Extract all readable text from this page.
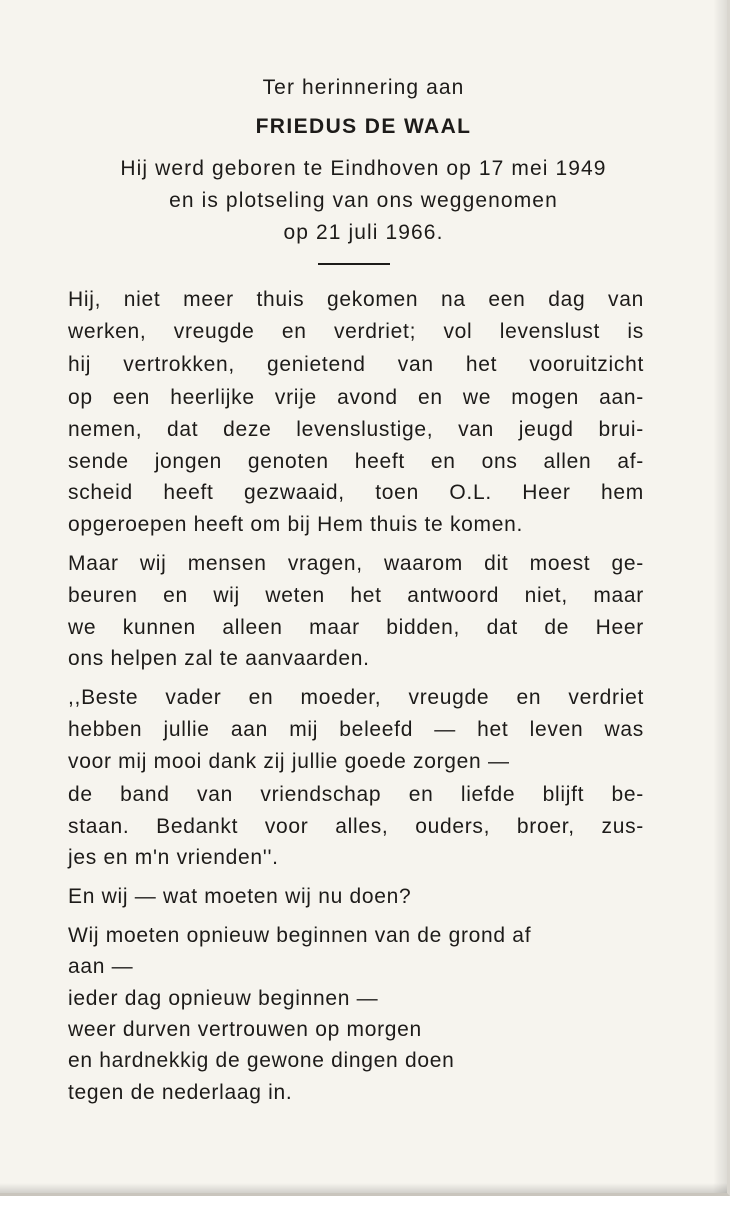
Ter herinnering aan
FRIEDUS DE WAAL
Hij werd geboren te Eindhoven op 17 mei 1949
en is plotseling van ons weggenomen
op 21 juli 1966.
Hij, niet meer thuis gekomen na een dag van
werken, vreugde en verdriet; vol levenslust is
hij vertrokken, genietend van het vooruitzicht
op een heerlijke vrije avond en we mogen aan-
nemen, dat deze levenslustige, van jeugd brui-
sende jongen genoten heeft en ons allen af-
scheid heeft gezwaaid, toen O.L. Heer hem
opgeroepen heeft om bij Hem thuis te komen.
Maar wij mensen vragen, waarom dit moest ge-
beuren en wij weten het antwoord niet, maar
we kunnen alleen maar bidden, dat de Heer
ons helpen zal te aanvaarden.
,,Beste vader en moeder, vreugde en verdriet
hebben jullie aan mij beleefd — het leven was
voor mij mooi dank zij jullie goede zorgen —
de band van vriendschap en liefde blijft be-
staan. Bedankt voor alles, ouders, broer, zus-
jes en m'n vrienden''.
En wij — wat moeten wij nu doen?
Wij moeten opnieuw beginnen van de grond af
aan —
ieder dag opnieuw beginnen —
weer durven vertrouwen op morgen
en hardnekkig de gewone dingen doen
tegen de nederlaag in.
